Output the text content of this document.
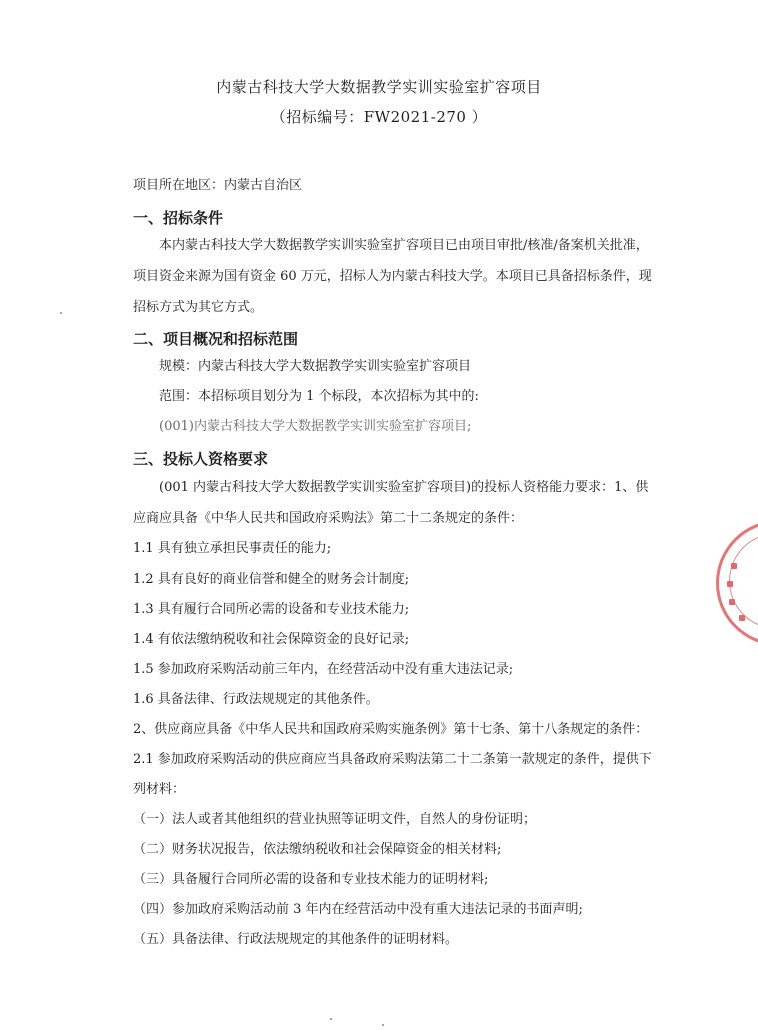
内蒙古科技大学大数据教学实训实验室扩容项目
（招标编号：FW2021-270 ）
项目所在地区：内蒙古自治区
一、招标条件
本内蒙古科技大学大数据教学实训实验室扩容项目已由项目审批/核准/备案机关批准，
项目资金来源为国有资金 60 万元，招标人为内蒙古科技大学。本项目已具备招标条件，现
招标方式为其它方式。
二、项目概况和招标范围
规模：内蒙古科技大学大数据教学实训实验室扩容项目
范围：本招标项目划分为 1 个标段，本次招标为其中的:
(001)内蒙古科技大学大数据教学实训实验室扩容项目;
三、投标人资格要求
(001 内蒙古科技大学大数据教学实训实验室扩容项目)的投标人资格能力要求：1、供
应商应具备《中华人民共和国政府采购法》第二十二条规定的条件：
1.1 具有独立承担民事责任的能力;
1.2 具有良好的商业信誉和健全的财务会计制度;
1.3 具有履行合同所必需的设备和专业技术能力;
1.4 有依法缴纳税收和社会保障资金的良好记录;
1.5 参加政府采购活动前三年内，在经营活动中没有重大违法记录;
1.6 具备法律、行政法规规定的其他条件。
2、供应商应具备《中华人民共和国政府采购实施条例》第十七条、第十八条规定的条件：
2.1 参加政府采购活动的供应商应当具备政府采购法第二十二条第一款规定的条件，提供下
列材料：
（一）法人或者其他组织的营业执照等证明文件，自然人的身份证明；
（二）财务状况报告，依法缴纳税收和社会保障资金的相关材料;
（三）具备履行合同所必需的设备和专业技术能力的证明材料;
（四）参加政府采购活动前 3 年内在经营活动中没有重大违法记录的书面声明;
（五）具备法律、行政法规规定的其他条件的证明材料。
